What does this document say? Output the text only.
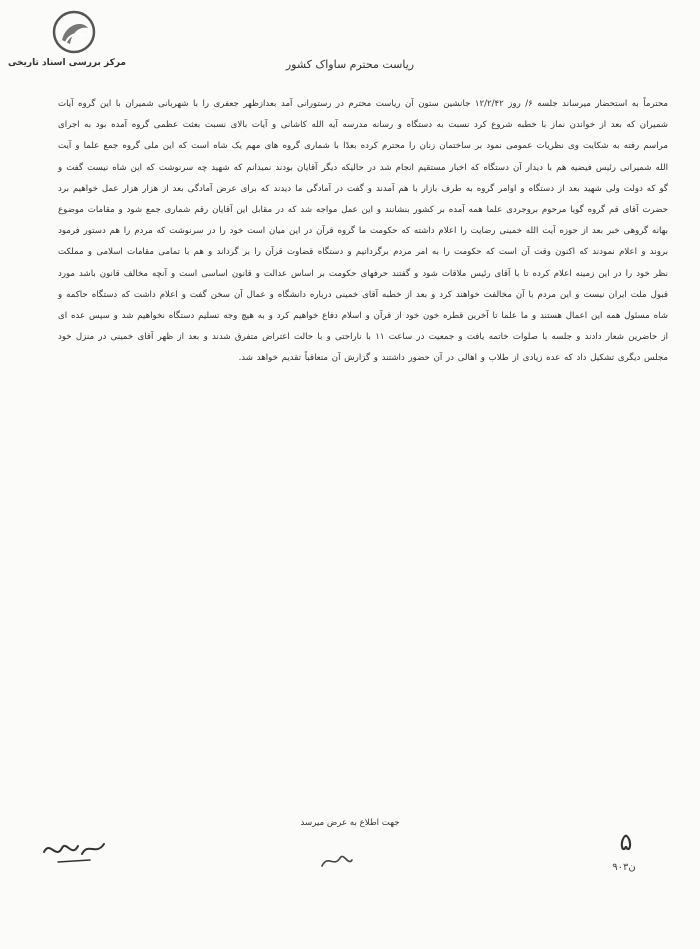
مرکز بررسی اسناد تاریخی	ریاست محترم ساواک کشور

محترماً به استحضار میرساند جلسه ۶/ روز ۱۲/۲/۴۲ جانشین ستون آن ریاست محترم در رستورانی آمد بعدازظهر جعفری را با شهربانی شمیران با این گروه آیات شمیران که بعد از خواندن نماز با خطبه شروع کرد نسبت به دستگاه و رسانه مدرسه آیه الله کاشانی و آیات بالای نسبت بعثت عظمی گروه آمده بود به اجرای مراسم رفته به شکایت وی نظریات عمومی نمود بر ساختمان زنان را محترم کرده بعدًا با شماری گروه های مهم یک شاه است که این ملی گروه جمع علما و آیت الله شمیرانی رئیس فیضیه هم با دیدار آن دستگاه که اخبار مستقیم انجام شد در حالیکه دیگر آقایان بودند نمیدانم که شهید چه سرنوشت که این شاه نیست گفت و گو که دولت ولی شهید بعد از دستگاه و اوامر گروه به طرف بازار با هم آمدند و گفت در آمادگی ما دیدند که برای عرض آمادگی بعد از هزار هزار عمل خواهیم برد حضرت آقای قم گروه گویا مرحوم بروجردی علما همه آمده بر کشور بنشانند و این عمل مواجه شد که در مقابل این آقایان رقم شماری جمع شود و مقامات موضوع بهانه گروهی خبر بعد از حوزه آیت الله خمینی رضایت را اعلام داشته که حکومت ما گروه قرآن در این میان است خود را در سرنوشت که مردم را هم دستور فرمود بروند و اعلام نمودند که اکنون وقت آن است که حکومت را به امر مردم برگردانیم و دستگاه قضاوت قرآن را بر گرداند و هم با تمامی مقامات اسلامی و مملکت نظر خود را در این زمینه اعلام کرده تا با آقای رئیس ملاقات شود و گفتند حرفهای حکومت بر اساس عدالت و قانون اساسی است و آنچه مخالف قانون باشد مورد قبول ملت ایران نیست و این مردم با آن مخالفت خواهند کرد و بعد از خطبه آقای خمینی درباره دانشگاه و عمال آن سخن گفت و اعلام داشت که دستگاه حاکمه و شاه مسئول همه این اعمال هستند و ما علما تا آخرین قطره خون خود از قرآن و اسلام دفاع خواهیم کرد و به هیچ وجه تسلیم دستگاه نخواهیم شد و سپس عده ای از حاضرین شعار دادند و جلسه با صلوات خاتمه یافت و جمعیت در ساعت ۱۱ با ناراحتی و با حالت اعتراض متفرق شدند و بعد از ظهر آقای خمینی در منزل خود مجلس دیگری تشکیل داد که عده زیادی از طلاب و اهالی در آن حضور داشتند و گزارش آن متعاقباً تقدیم خواهد شد.

جهت اطلاع به عرض میرسد
۵
۹۰۳ن
